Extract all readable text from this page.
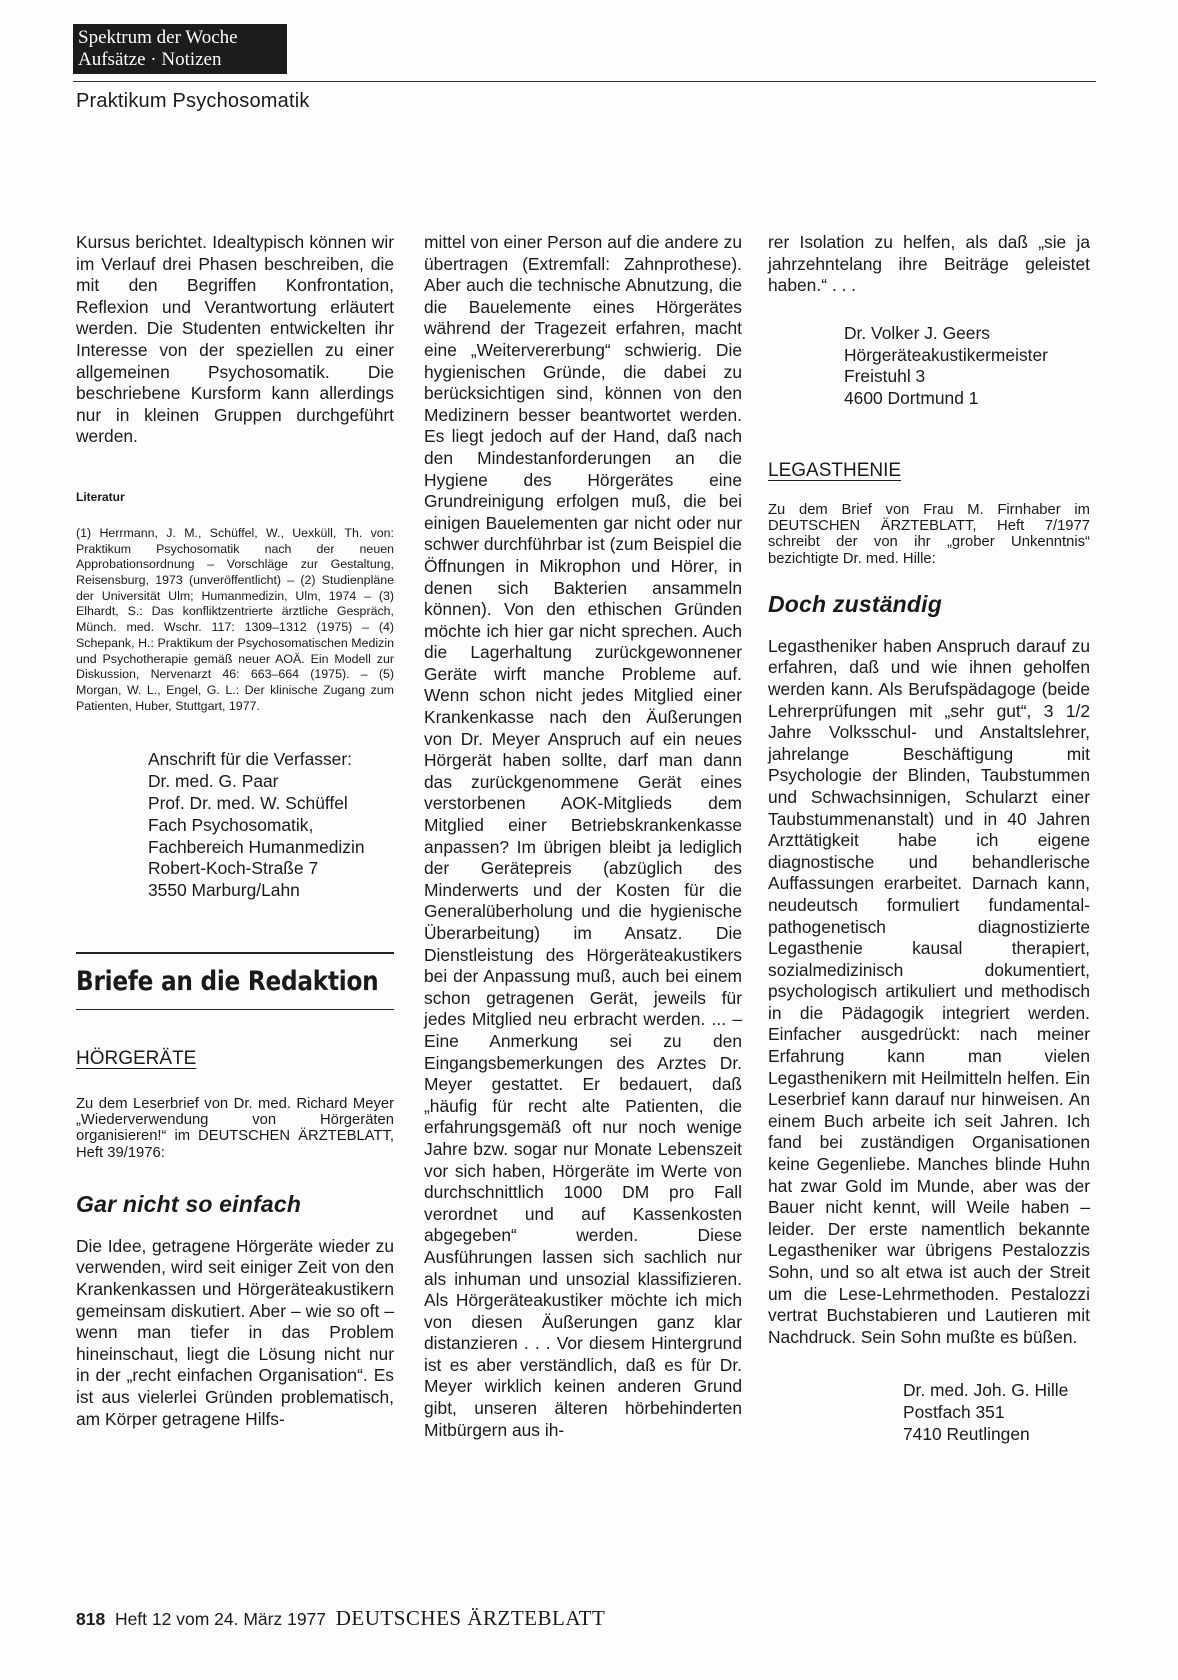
Spektrum der Woche
Aufsätze · Notizen
Praktikum Psychosomatik

Kursus berichtet. Idealtypisch können wir im Verlauf drei Phasen beschreiben, die mit den Begriffen Konfrontation, Reflexion und Verantwortung erläutert werden. Die Studenten entwickelten ihr Interesse von der speziellen zu einer allgemeinen Psychosomatik. Die beschriebene Kursform kann allerdings nur in kleinen Gruppen durchgeführt werden.

Literatur

(1) Herrmann, J. M., Schüffel, W., Uexküll, Th. von: Praktikum Psychosomatik nach der neuen Approbationsordnung – Vorschläge zur Gestaltung, Reisensburg, 1973 (unveröffentlicht) – (2) Studienpläne der Universität Ulm; Humanmedizin, Ulm, 1974 – (3) Elhardt, S.: Das konfliktzentrierte ärztliche Gespräch, Münch. med. Wschr. 117: 1309–1312 (1975) – (4) Schepank, H.: Praktikum der Psychosomatischen Medizin und Psychotherapie gemäß neuer AOÄ. Ein Modell zur Diskussion, Nervenarzt 46: 663–664 (1975). – (5) Morgan, W. L., Engel, G. L.: Der klinische Zugang zum Patienten, Huber, Stuttgart, 1977.

Anschrift für die Verfasser:
Dr. med. G. Paar
Prof. Dr. med. W. Schüffel
Fach Psychosomatik,
Fachbereich Humanmedizin
Robert-Koch-Straße 7
3550 Marburg/Lahn
Briefe an die Redaktion
HÖRGERÄTE

Zu dem Leserbrief von Dr. med. Richard Meyer „Wiederverwendung von Hörgeräten organisieren!“ im DEUTSCHEN ÄRZTEBLATT, Heft 39/1976:

Gar nicht so einfach

Die Idee, getragene Hörgeräte wieder zu verwenden, wird seit einiger Zeit von den Krankenkassen und Hörgeräteakustikern gemeinsam diskutiert. Aber – wie so oft – wenn man tiefer in das Problem hineinschaut, liegt die Lösung nicht nur in der „recht einfachen Organisation“. Es ist aus vielerlei Gründen problematisch, am Körper getragene Hilfs-

mittel von einer Person auf die andere zu übertragen (Extremfall: Zahnprothese). Aber auch die technische Abnutzung, die die Bauelemente eines Hörgerätes während der Tragezeit erfahren, macht eine „Weitervererbung“ schwierig. Die hygienischen Gründe, die dabei zu berücksichtigen sind, können von den Medizinern besser beantwortet werden. Es liegt jedoch auf der Hand, daß nach den Mindestanforderungen an die Hygiene des Hörgerätes eine Grundreinigung erfolgen muß, die bei einigen Bauelementen gar nicht oder nur schwer durchführbar ist (zum Beispiel die Öffnungen in Mikrophon und Hörer, in denen sich Bakterien ansammeln können). Von den ethischen Gründen möchte ich hier gar nicht sprechen. Auch die Lagerhaltung zurückgewonnener Geräte wirft manche Probleme auf. Wenn schon nicht jedes Mitglied einer Krankenkasse nach den Äußerungen von Dr. Meyer Anspruch auf ein neues Hörgerät haben sollte, darf man dann das zurückgenommene Gerät eines verstorbenen AOK-Mitglieds dem Mitglied einer Betriebskrankenkasse anpassen? Im übrigen bleibt ja lediglich der Gerätepreis (abzüglich des Minderwerts und der Kosten für die Generalüberholung und die hygienische Überarbeitung) im Ansatz. Die Dienstleistung des Hörgeräteakustikers bei der Anpassung muß, auch bei einem schon getragenen Gerät, jeweils für jedes Mitglied neu erbracht werden. ... – Eine Anmerkung sei zu den Eingangsbemerkungen des Arztes Dr. Meyer gestattet. Er bedauert, daß „häufig für recht alte Patienten, die erfahrungsgemäß oft nur noch wenige Jahre bzw. sogar nur Monate Lebenszeit vor sich haben, Hörgeräte im Werte von durchschnittlich 1000 DM pro Fall verordnet und auf Kassenkosten abgegeben“ werden. Diese Ausführungen lassen sich sachlich nur als inhuman und unsozial klassifizieren. Als Hörgeräteakustiker möchte ich mich von diesen Äußerungen ganz klar distanzieren . . . Vor diesem Hintergrund ist es aber verständlich, daß es für Dr. Meyer wirklich keinen anderen Grund gibt, unseren älteren hörbehinderten Mitbürgern aus ih-

rer Isolation zu helfen, als daß „sie ja jahrzehntelang ihre Beiträge geleistet haben.“ . . .

Dr. Volker J. Geers
Hörgeräteakustikermeister
Freistuhl 3
4600 Dortmund 1
LEGASTHENIE

Zu dem Brief von Frau M. Firnhaber im DEUTSCHEN ÄRZTEBLATT, Heft 7/1977 schreibt der von ihr „grober Unkenntnis“ bezichtigte Dr. med. Hille:

Doch zuständig

Legastheniker haben Anspruch darauf zu erfahren, daß und wie ihnen geholfen werden kann. Als Berufspädagoge (beide Lehrerprüfungen mit „sehr gut“, 3 1/2 Jahre Volksschul- und Anstaltslehrer, jahrelange Beschäftigung mit Psychologie der Blinden, Taubstummen und Schwachsinnigen, Schularzt einer Taubstummenanstalt) und in 40 Jahren Arzttätigkeit habe ich eigene diagnostische und behandlerische Auffassungen erarbeitet. Darnach kann, neudeutsch formuliert fundamental-pathogenetisch diagnostizierte Legasthenie kausal therapiert, sozialmedizinisch dokumentiert, psychologisch artikuliert und methodisch in die Pädagogik integriert werden. Einfacher ausgedrückt: nach meiner Erfahrung kann man vielen Legasthenikern mit Heilmitteln helfen. Ein Leserbrief kann darauf nur hinweisen. An einem Buch arbeite ich seit Jahren. Ich fand bei zuständigen Organisationen keine Gegenliebe. Manches blinde Huhn hat zwar Gold im Munde, aber was der Bauer nicht kennt, will Weile haben – leider. Der erste namentlich bekannte Legastheniker war übrigens Pestalozzis Sohn, und so alt etwa ist auch der Streit um die Lese-Lehrmethoden. Pestalozzi vertrat Buchstabieren und Lautieren mit Nachdruck. Sein Sohn mußte es büßen.

Dr. med. Joh. G. Hille
Postfach 351
7410 Reutlingen
818 Heft 12 vom 24. März 1977 DEUTSCHES ÄRZTEBLATT
